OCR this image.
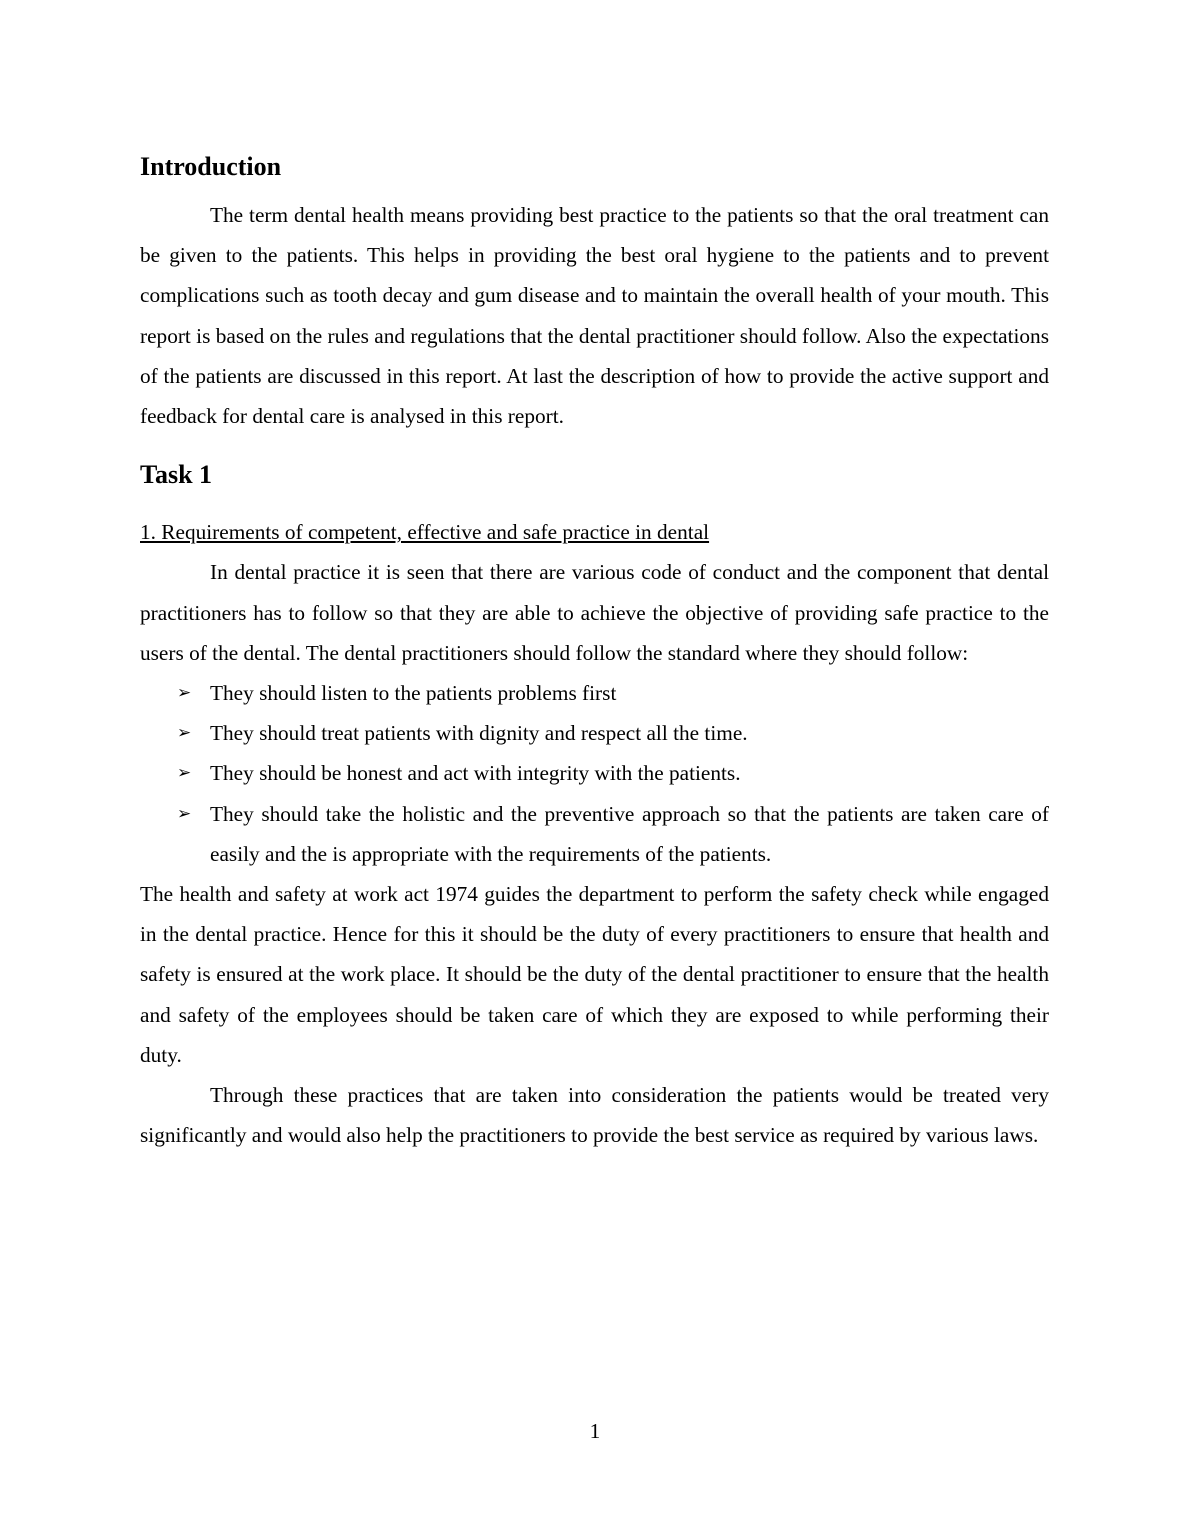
Introduction

The term dental health means providing best practice to the patients so that the oral treatment can be given to the patients. This helps in providing the best oral hygiene to the patients and to prevent complications such as tooth decay and gum disease and to maintain the overall health of your mouth. This report is based on the rules and regulations that the dental practitioner should follow. Also the expectations of the patients are discussed in this report. At last the description of how to provide the active support and feedback for dental care is analysed in this report.

Task 1
1. Requirements of competent, effective and safe practice in dental

In dental practice it is seen that there are various code of conduct and the component that dental practitioners has to follow so that they are able to achieve the objective of providing safe practice to the users of the dental. The dental practitioners should follow the standard where they should follow:

➢ They should listen to the patients problems first
➢ They should treat patients with dignity and respect all the time.
➢ They should be honest and act with integrity with the patients.
➢ They should take the holistic and the preventive approach so that the patients are taken care of easily and the is appropriate with the requirements of the patients.

The health and safety at work act 1974 guides the department to perform the safety check while engaged in the dental practice. Hence for this it should be the duty of every practitioners to ensure that health and safety is ensured at the work place. It should be the duty of the dental practitioner to ensure that the health and safety of the employees should be taken care of which they are exposed to while performing their duty.

Through these practices that are taken into consideration the patients would be treated very significantly and would also help the practitioners to provide the best service as required by various laws.

1
